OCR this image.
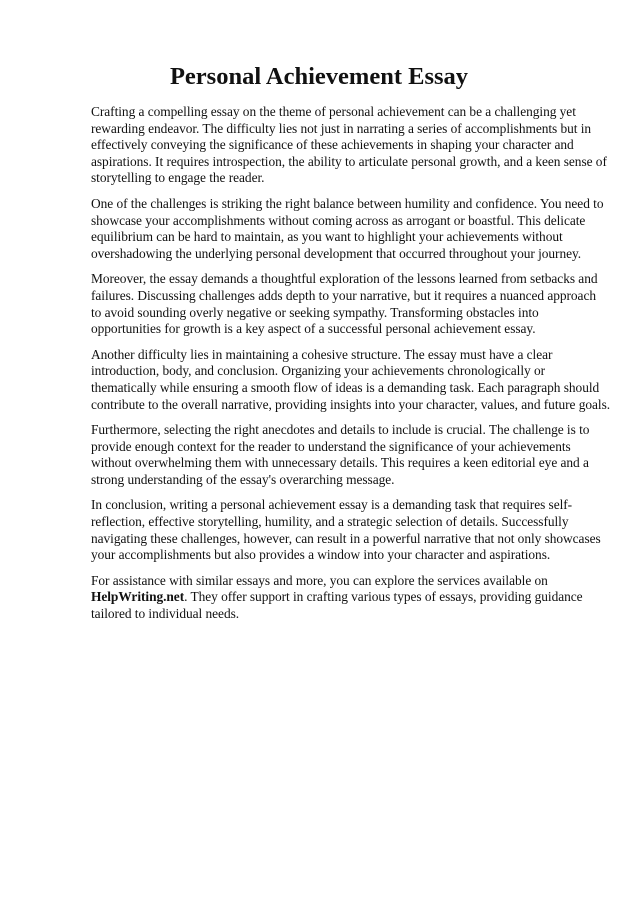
Personal Achievement Essay

Crafting a compelling essay on the theme of personal achievement can be a challenging yet
rewarding endeavor. The difficulty lies not just in narrating a series of accomplishments but in
effectively conveying the significance of these achievements in shaping your character and
aspirations. It requires introspection, the ability to articulate personal growth, and a keen sense of
storytelling to engage the reader.

One of the challenges is striking the right balance between humility and confidence. You need to
showcase your accomplishments without coming across as arrogant or boastful. This delicate
equilibrium can be hard to maintain, as you want to highlight your achievements without
overshadowing the underlying personal development that occurred throughout your journey.

Moreover, the essay demands a thoughtful exploration of the lessons learned from setbacks and
failures. Discussing challenges adds depth to your narrative, but it requires a nuanced approach
to avoid sounding overly negative or seeking sympathy. Transforming obstacles into
opportunities for growth is a key aspect of a successful personal achievement essay.

Another difficulty lies in maintaining a cohesive structure. The essay must have a clear
introduction, body, and conclusion. Organizing your achievements chronologically or
thematically while ensuring a smooth flow of ideas is a demanding task. Each paragraph should
contribute to the overall narrative, providing insights into your character, values, and future goals.

Furthermore, selecting the right anecdotes and details to include is crucial. The challenge is to
provide enough context for the reader to understand the significance of your achievements
without overwhelming them with unnecessary details. This requires a keen editorial eye and a
strong understanding of the essay's overarching message.

In conclusion, writing a personal achievement essay is a demanding task that requires self-
reflection, effective storytelling, humility, and a strategic selection of details. Successfully
navigating these challenges, however, can result in a powerful narrative that not only showcases
your accomplishments but also provides a window into your character and aspirations.

For assistance with similar essays and more, you can explore the services available on
HelpWriting.net. They offer support in crafting various types of essays, providing guidance
tailored to individual needs.
